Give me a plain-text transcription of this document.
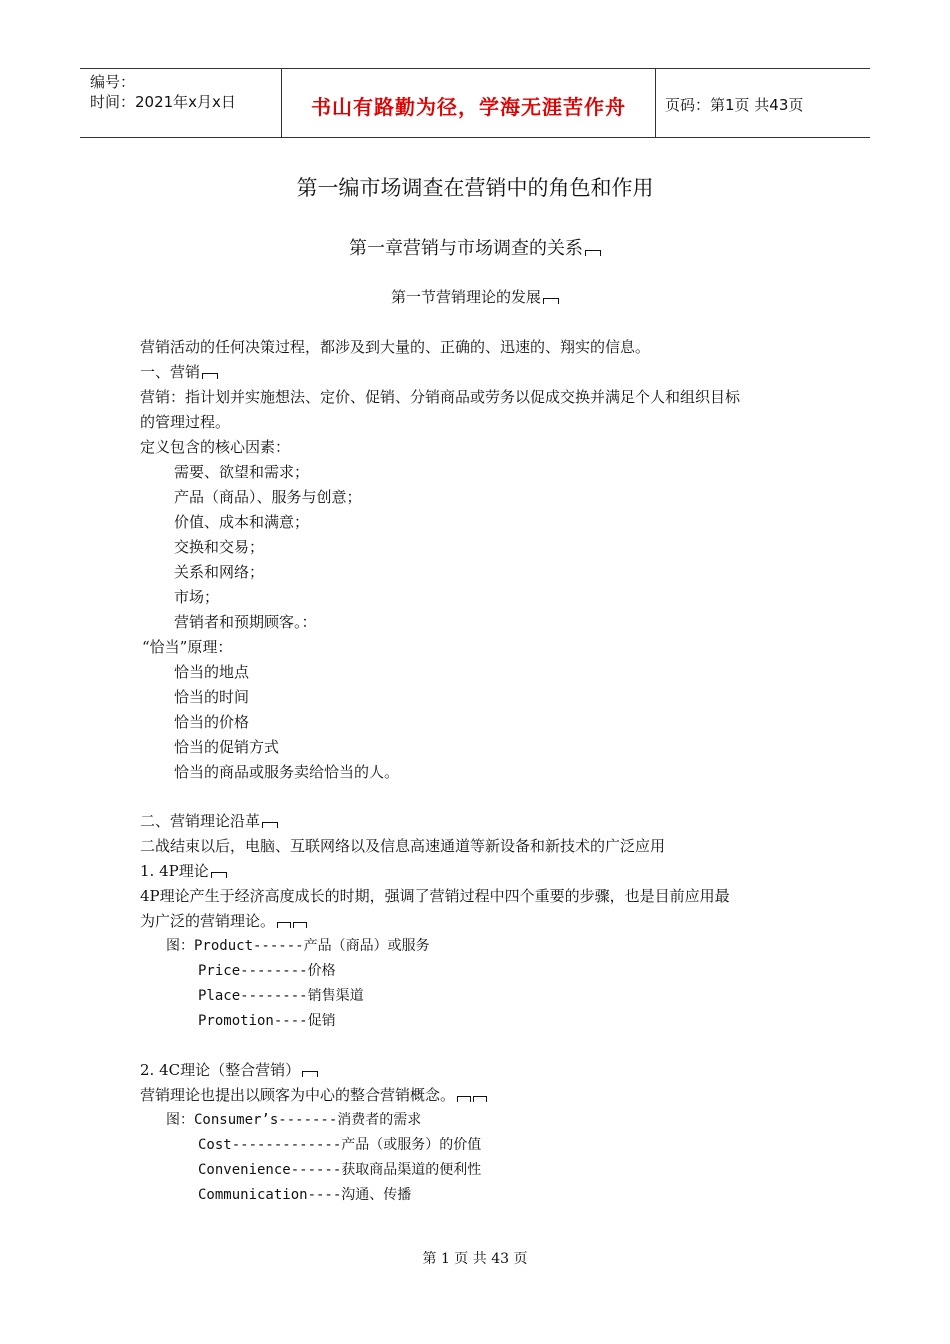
编号：
时间：2021年x月x日	书山有路勤为径，学海无涯苦作舟	页码：第1页 共43页
第一编市场调查在营销中的角色和作用
第一章营销与市场调查的关系
第一节营销理论的发展
营销活动的任何决策过程，都涉及到大量的、正确的、迅速的、翔实的信息。
一、营销
营销：指计划并实施想法、定价、促销、分销商品或劳务以促成交换并满足个人和组织目标
的管理过程。
定义包含的核心因素：
需要、欲望和需求；
产品（商品）、服务与创意；
价值、成本和满意；
交换和交易；
关系和网络；
市场；
营销者和预期顾客。：
“恰当”原理：
恰当的地点
恰当的时间
恰当的价格
恰当的促销方式
恰当的商品或服务卖给恰当的人。
二、营销理论沿革
二战结束以后，电脑、互联网络以及信息高速通道等新设备和新技术的广泛应用
1. 4P理论
4P理论产生于经济高度成长的时期，强调了营销过程中四个重要的步骤，也是目前应用最
为广泛的营销理论。
图：Product------产品（商品）或服务
Price--------价格
Place--------销售渠道
Promotion----促销
2. 4C理论（整合营销）
营销理论也提出以顾客为中心的整合营销概念。
图：Consumer’s-------消费者的需求
Cost-------------产品（或服务）的价值
Convenience------获取商品渠道的便利性
Communication----沟通、传播
第 1 页 共 43 页
